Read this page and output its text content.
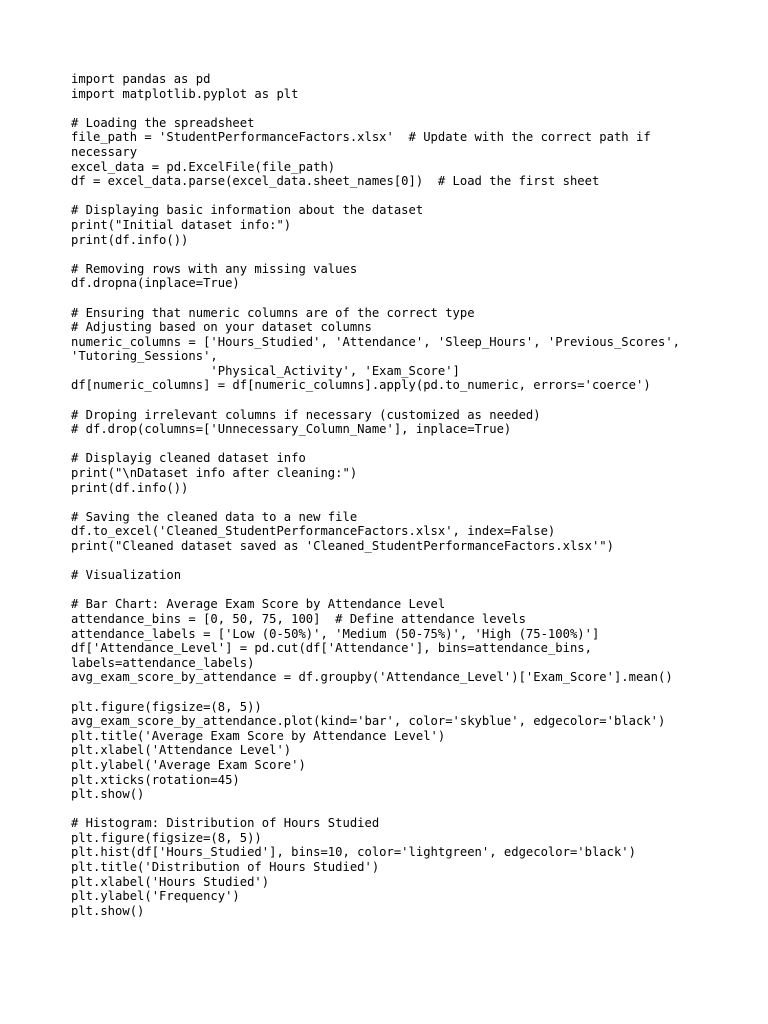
import pandas as pd
import matplotlib.pyplot as plt
# Loading the spreadsheet
file_path = 'StudentPerformanceFactors.xlsx'  # Update with the correct path if
necessary
excel_data = pd.ExcelFile(file_path)
df = excel_data.parse(excel_data.sheet_names[0])  # Load the first sheet
# Displaying basic information about the dataset
print("Initial dataset info:")
print(df.info())
# Removing rows with any missing values
df.dropna(inplace=True)
# Ensuring that numeric columns are of the correct type
# Adjusting based on your dataset columns
numeric_columns = ['Hours_Studied', 'Attendance', 'Sleep_Hours', 'Previous_Scores',
'Tutoring_Sessions',
'Physical_Activity', 'Exam_Score']
df[numeric_columns] = df[numeric_columns].apply(pd.to_numeric, errors='coerce')
# Droping irrelevant columns if necessary (customized as needed)
# df.drop(columns=['Unnecessary_Column_Name'], inplace=True)
# Displayig cleaned dataset info
print("\nDataset info after cleaning:")
print(df.info())
# Saving the cleaned data to a new file
df.to_excel('Cleaned_StudentPerformanceFactors.xlsx', index=False)
print("Cleaned dataset saved as 'Cleaned_StudentPerformanceFactors.xlsx'")
# Visualization
# Bar Chart: Average Exam Score by Attendance Level
attendance_bins = [0, 50, 75, 100]  # Define attendance levels
attendance_labels = ['Low (0-50%)', 'Medium (50-75%)', 'High (75-100%)']
df['Attendance_Level'] = pd.cut(df['Attendance'], bins=attendance_bins,
labels=attendance_labels)
avg_exam_score_by_attendance = df.groupby('Attendance_Level')['Exam_Score'].mean()
plt.figure(figsize=(8, 5))
avg_exam_score_by_attendance.plot(kind='bar', color='skyblue', edgecolor='black')
plt.title('Average Exam Score by Attendance Level')
plt.xlabel('Attendance Level')
plt.ylabel('Average Exam Score')
plt.xticks(rotation=45)
plt.show()
# Histogram: Distribution of Hours Studied
plt.figure(figsize=(8, 5))
plt.hist(df['Hours_Studied'], bins=10, color='lightgreen', edgecolor='black')
plt.title('Distribution of Hours Studied')
plt.xlabel('Hours Studied')
plt.ylabel('Frequency')
plt.show()
